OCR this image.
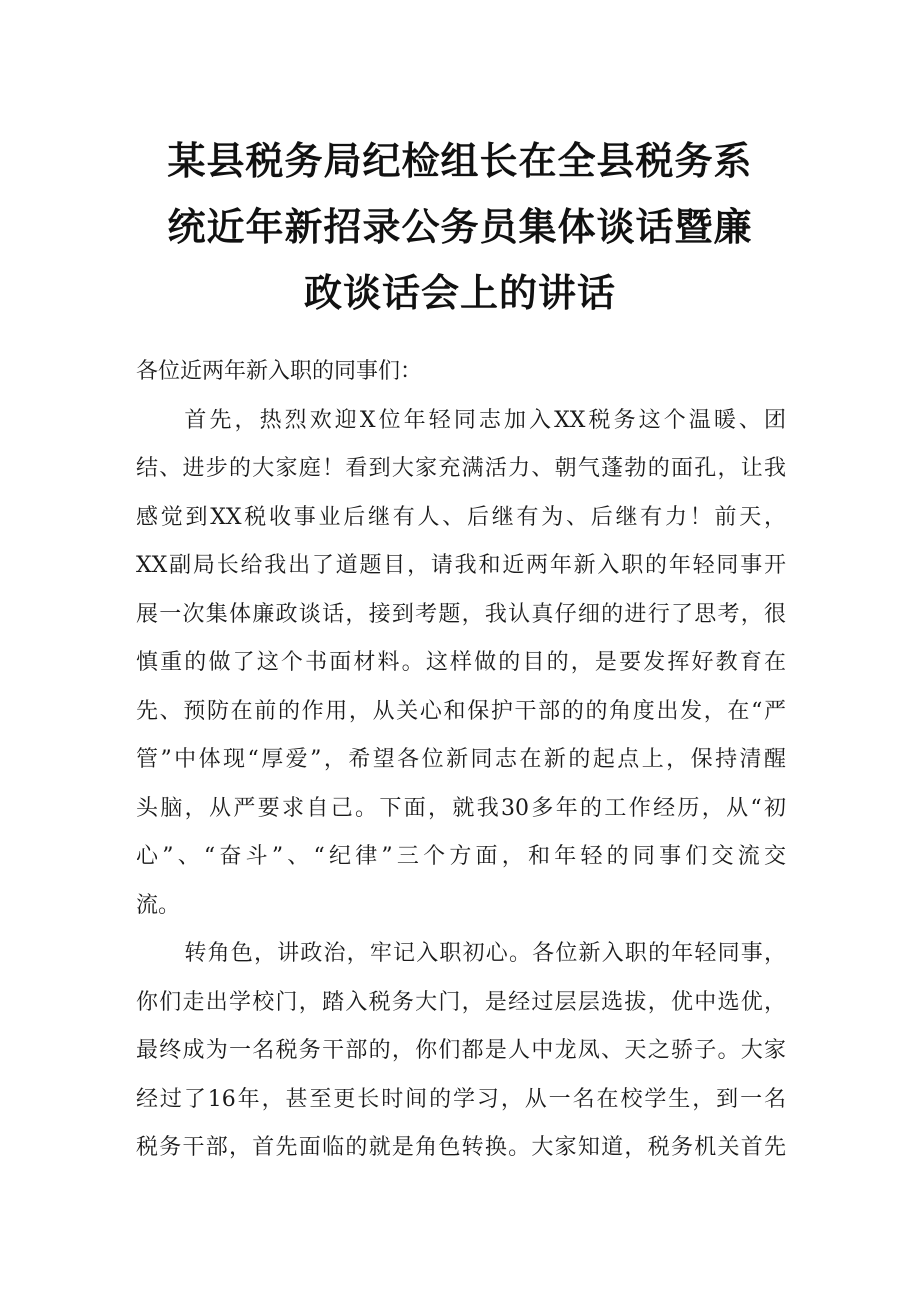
某县税务局纪检组长在全县税务系
统近年新招录公务员集体谈话暨廉
政谈话会上的讲话

各位近两年新入职的同事们：

首先，热烈欢迎X位年轻同志加入XX税务这个温暖、团
结、进步的大家庭！看到大家充满活力、朝气蓬勃的面孔，让我
感觉到XX税收事业后继有人、后继有为、后继有力！前天，
XX副局长给我出了道题目，请我和近两年新入职的年轻同事开
展一次集体廉政谈话，接到考题，我认真仔细的进行了思考，很
慎重的做了这个书面材料。这样做的目的，是要发挥好教育在
先、预防在前的作用，从关心和保护干部的的角度出发，在“严
管”中体现“厚爱”，希望各位新同志在新的起点上，保持清醒
头脑，从严要求自己。下面，就我30多年的工作经历，从“初
心”、“奋斗”、“纪律”三个方面，和年轻的同事们交流交
流。

转角色，讲政治，牢记入职初心。各位新入职的年轻同事，
你们走出学校门，踏入税务大门，是经过层层选拔，优中选优，
最终成为一名税务干部的，你们都是人中龙凤、天之骄子。大家
经过了16年，甚至更长时间的学习，从一名在校学生，到一名
税务干部，首先面临的就是角色转换。大家知道，税务机关首先
